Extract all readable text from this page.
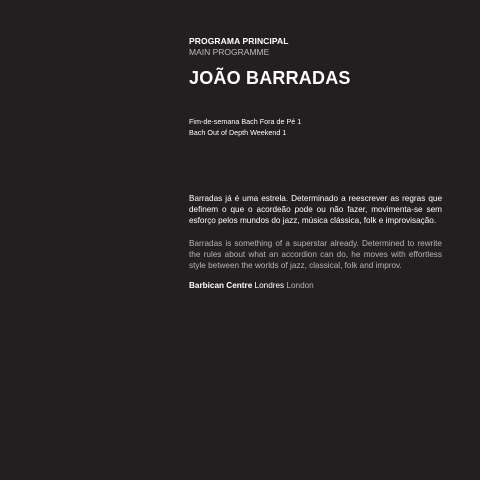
PROGRAMA PRINCIPAL
MAIN PROGRAMME
JOÃO BARRADAS
Fim-de-semana Bach Fora de Pé 1
Bach Out of Depth Weekend 1
Barradas já é uma estrela. Determinado a reescrever as regras que definem o que o acordeão pode ou não fazer, movimenta-se sem esforço pelos mundos do jazz, música clássica, folk e improvisação.
Barradas is something of a superstar already. Determined to rewrite the rules about what an accordion can do, he moves with effortless style between the worlds of jazz, classical, folk and improv.
Barbican Centre Londres London
